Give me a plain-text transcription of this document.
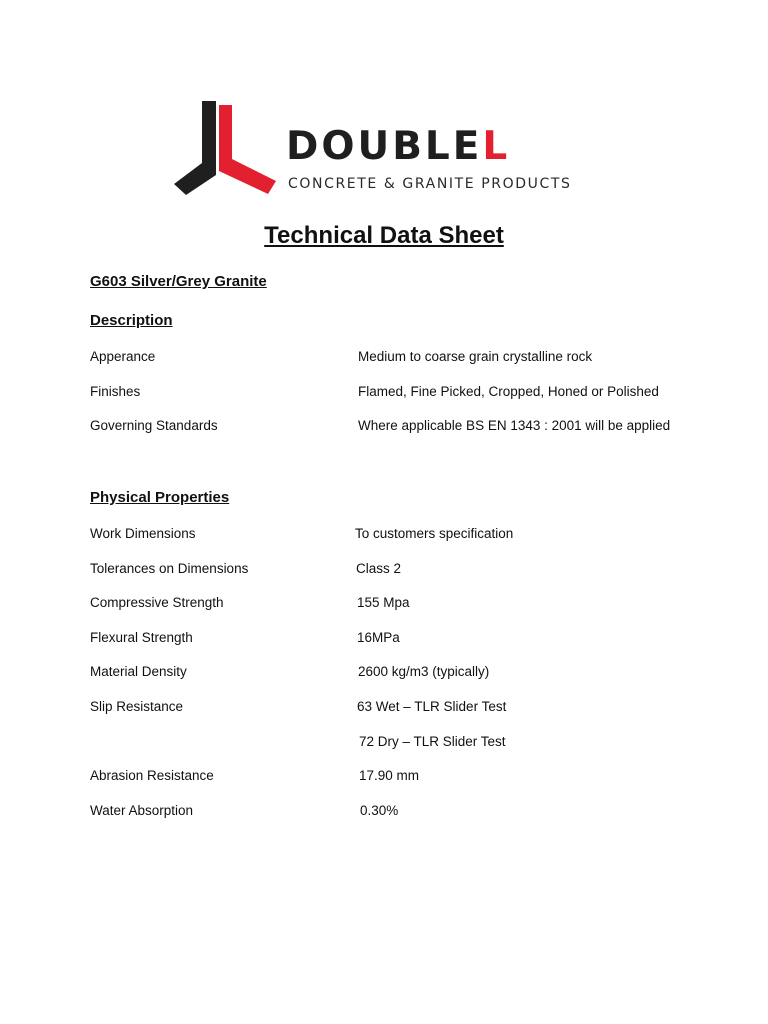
DOUBLEL
CONCRETE & GRANITE PRODUCTS
Technical Data Sheet
G603 Silver/Grey Granite
Description
Apperance	Medium to coarse grain crystalline rock
Finishes	Flamed, Fine Picked, Cropped, Honed or Polished
Governing Standards	Where applicable BS EN 1343 : 2001 will be applied
Physical Properties
Work Dimensions	To customers specification
Tolerances on Dimensions	Class 2
Compressive Strength	155 Mpa
Flexural Strength	16MPa
Material Density	2600 kg/m3 (typically)
Slip Resistance	63 Wet – TLR Slider Test
72 Dry – TLR Slider Test
Abrasion Resistance	17.90 mm
Water Absorption	0.30%
